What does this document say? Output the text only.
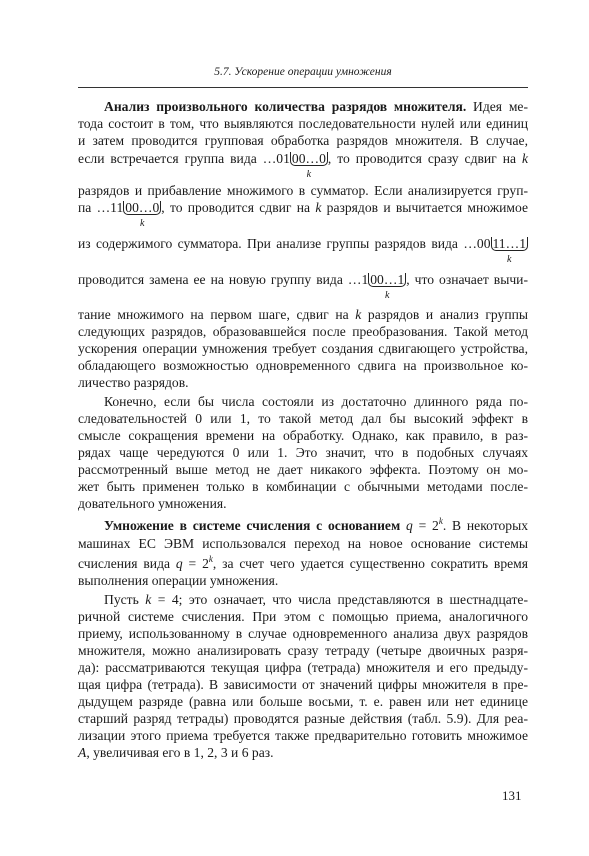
5.7. Ускорение операции умножения
Анализ произвольного количества разрядов множителя. Идея ме-
тода состоит в том, что выявляются последовательности нулей или единиц
и затем проводится групповая обработка разрядов множителя. В случае,
если встречается группа вида …01 00…0
k
, то проводится сразу сдвиг на k
разрядов и прибавление множимого в сумматор. Если анализируется груп-
па …11 00…0
k
, то проводится сдвиг на k разрядов и вычитается множимое
из содержимого сумматора. При анализе группы разрядов вида …00 11…1
k
проводится замена ее на новую группу вида …1 00…1
k
, что означает вычи-
тание множимого на первом шаге, сдвиг на k разрядов и анализ группы
следующих разрядов, образовавшейся после преобразования. Такой метод
ускорения операции умножения требует создания сдвигающего устройства,
обладающего возможностью одновременного сдвига на произвольное ко-
личество разрядов.
Конечно, если бы числа состояли из достаточно длинного ряда по-
следовательностей 0 или 1, то такой метод дал бы высокий эффект в
смысле сокращения времени на обработку. Однако, как правило, в раз-
рядах чаще чередуются 0 или 1. Это значит, что в подобных случаях
рассмотренный выше метод не дает никакого эффекта. Поэтому он мо-
жет быть применен только в комбинации с обычными методами после-
довательного умножения.
Умножение в системе счисления с основанием $q = 2^k$. В некоторых
машинах ЕС ЭВМ использовался переход на новое основание системы
счисления вида $q = 2^k$, за счет чего удается существенно сократить время
выполнения операции умножения.
Пусть k = 4; это означает, что числа представляются в шестнадцате-
ричной системе счисления. При этом с помощью приема, аналогичного
приему, использованному в случае одновременного анализа двух разрядов
множителя, можно анализировать сразу тетраду (четыре двоичных разря-
да): рассматриваются текущая цифра (тетрада) множителя и его предыду-
щая цифра (тетрада). В зависимости от значений цифры множителя в пре-
дыдущем разряде (равна или больше восьми, т. е. равен или нет единице
старший разряд тетрады) проводятся разные действия (табл. 5.9). Для реа-
лизации этого приема требуется также предварительно готовить множимое
А, увеличивая его в 1, 2, 3 и 6 раз.
131
